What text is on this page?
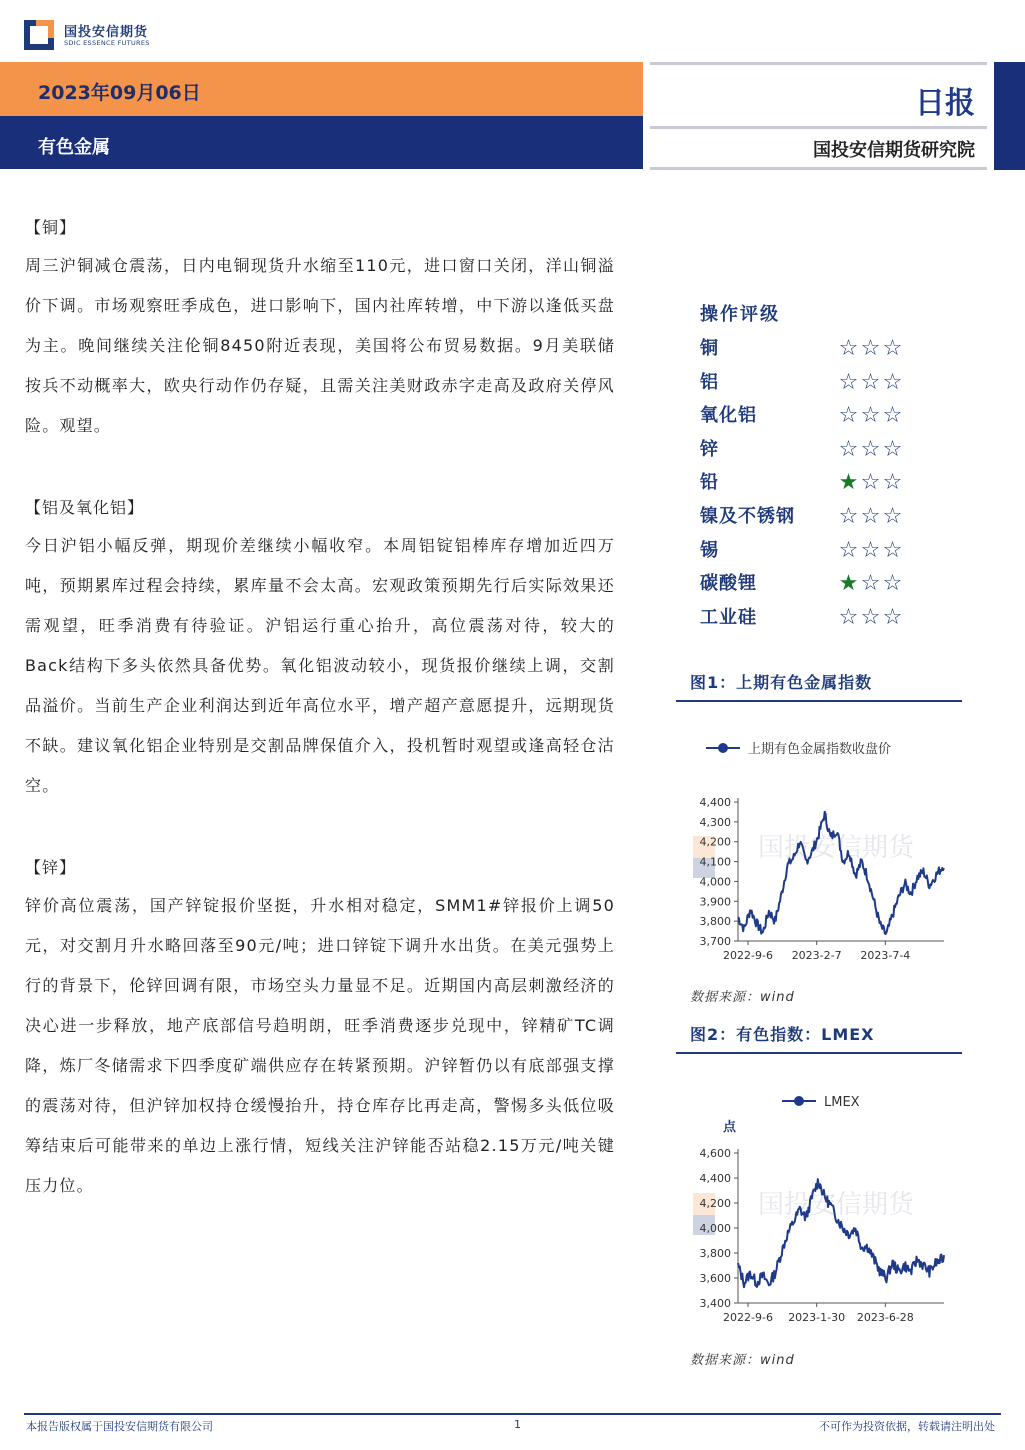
国投安信期货
SDIC ESSENCE FUTURES
2023年09月06日
有色金属
日报
国投安信期货研究院
【铜】
周三沪铜减仓震荡，日内电铜现货升水缩至110元，进口窗口关闭，洋山铜溢价下调。市场观察旺季成色，进口影响下，国内社库转增，中下游以逢低买盘为主。晚间继续关注伦铜8450附近表现，美国将公布贸易数据。9月美联储按兵不动概率大，欧央行动作仍存疑，且需关注美财政赤字走高及政府关停风险。观望。
【铝及氧化铝】
今日沪铝小幅反弹，期现价差继续小幅收窄。本周铝锭铝棒库存增加近四万吨，预期累库过程会持续，累库量不会太高。宏观政策预期先行后实际效果还需观望，旺季消费有待验证。沪铝运行重心抬升，高位震荡对待，较大的Back结构下多头依然具备优势。氧化铝波动较小，现货报价继续上调，交割品溢价。当前生产企业利润达到近年高位水平，增产超产意愿提升，远期现货不缺。建议氧化铝企业特别是交割品牌保值介入，投机暂时观望或逢高轻仓沽空。
【锌】
锌价高位震荡，国产锌锭报价坚挺，升水相对稳定，SMM1#锌报价上调50元，对交割月升水略回落至90元/吨；进口锌锭下调升水出货。在美元强势上行的背景下，伦锌回调有限，市场空头力量显不足。近期国内高层刺激经济的决心进一步释放，地产底部信号趋明朗，旺季消费逐步兑现中，锌精矿TC调降，炼厂冬储需求下四季度矿端供应存在转紧预期。沪锌暂仍以有底部强支撑的震荡对待，但沪锌加权持仓缓慢抬升，持仓库存比再走高，警惕多头低位吸筹结束后可能带来的单边上涨行情，短线关注沪锌能否站稳2.15万元/吨关键压力位。
操作评级
铜	☆ ☆ ☆
铝	☆ ☆ ☆
氧化铝	☆ ☆ ☆
锌	☆ ☆ ☆
铅	★ ☆ ☆
镍及不锈钢 ☆ ☆ ☆
锡	☆ ☆ ☆
碳酸锂	★ ☆ ☆
工业硅	☆ ☆ ☆
图1：上期有色金属指数
上期有色金属指数收盘价
国投安信期货
3,700
3,800
3,900
4,000
4,100
4,200
4,300
4,400
2022-9-6 2023-2-7 2023-7-4
数据来源：wind
图2：有色指数：LMEX
LMEX
点
国投安信期货
3,400
3,600
3,800
4,000
4,200
4,400
4,600
2022-9-6 2023-1-30 2023-6-28
数据来源：wind
本报告版权属于国投安信期货有限公司	1	不可作为投资依据，转载请注明出处
